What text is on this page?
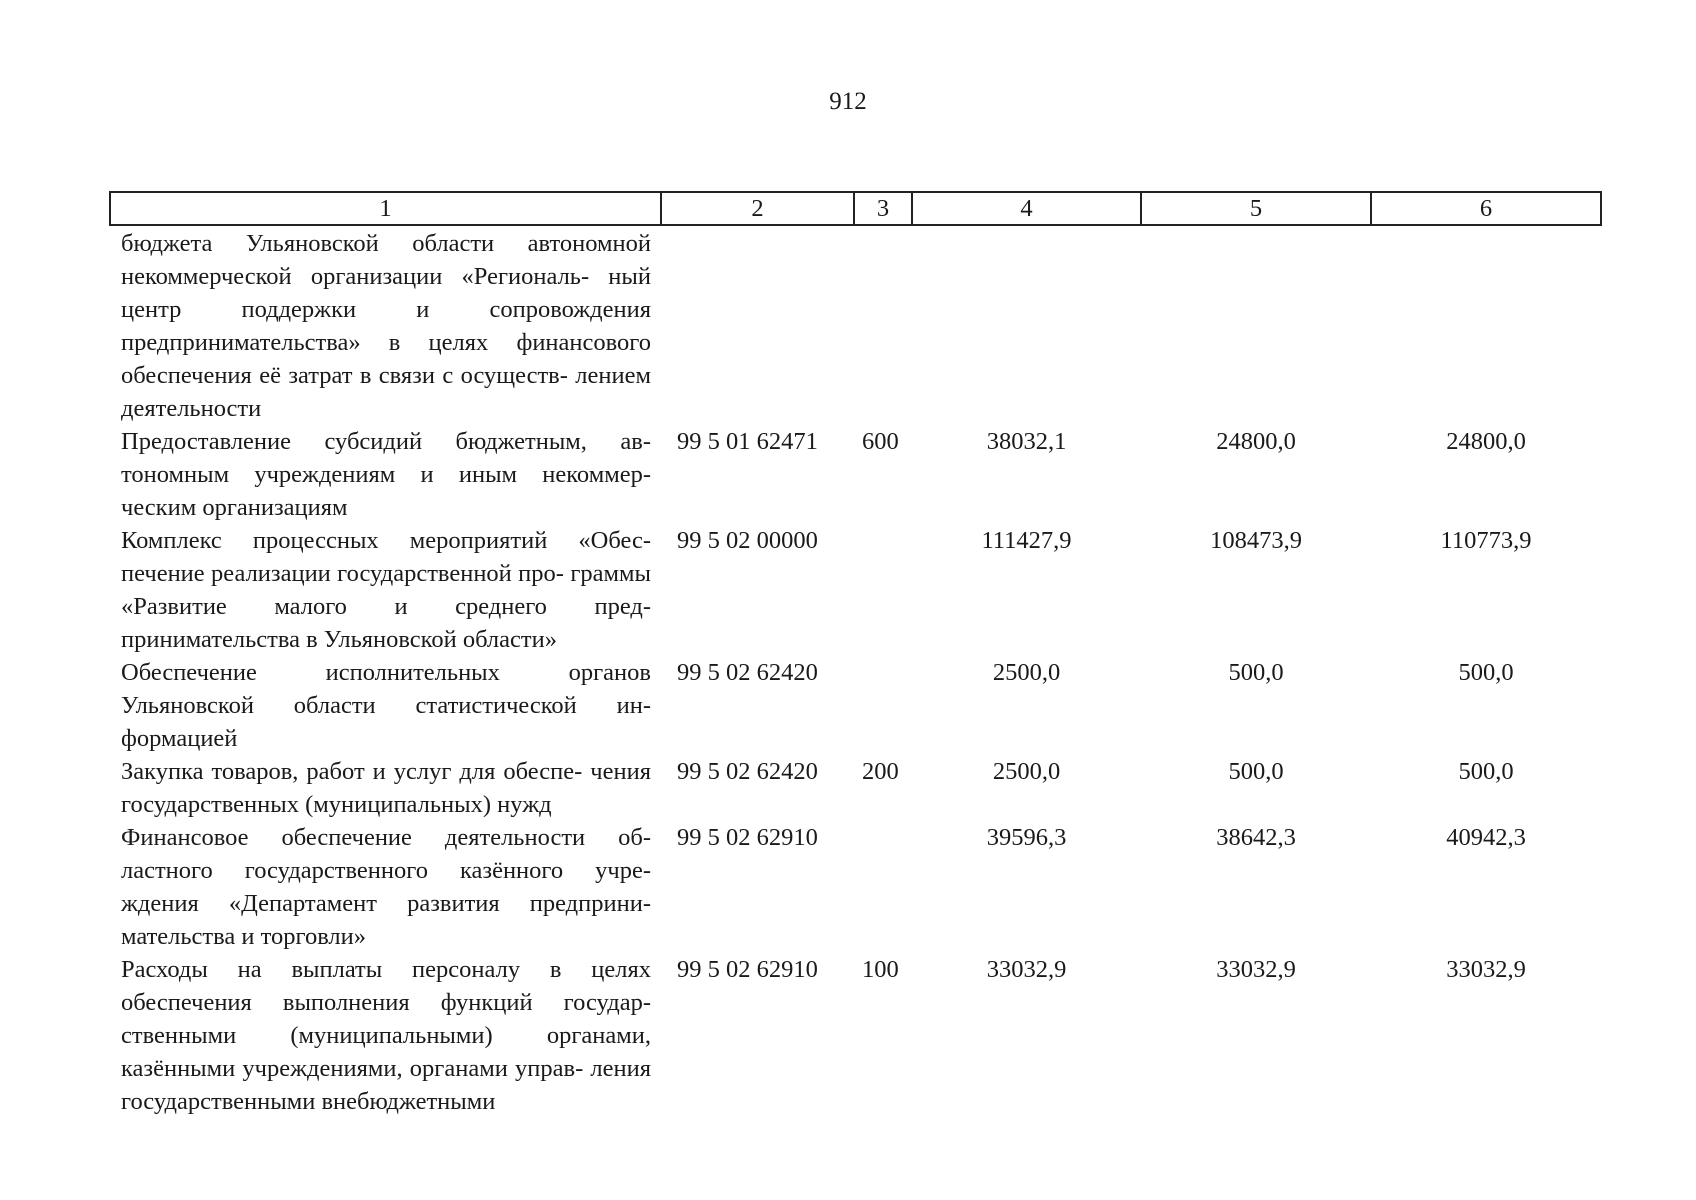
912
1	2	3	4	5	6
бюджета Ульяновской области автономной некоммерческой организации «Региональ- ный центр поддержки и сопровождения предпринимательства» в целях финансового обеспечения её затрат в связи с осуществ- лением деятельности					
Предоставление субсидий бюджетным, ав- тономным учреждениям и иным некоммер- ческим организациям	99 5 01 62471	600	38032,1	24800,0	24800,0
Комплекс процессных мероприятий «Обес- печение реализации государственной про- граммы «Развитие малого и среднего пред- принимательства в Ульяновской области»	99 5 02 00000		111427,9	108473,9	110773,9
Обеспечение исполнительных органов Ульяновской области статистической ин- формацией	99 5 02 62420		2500,0	500,0	500,0
Закупка товаров, работ и услуг для обеспе- чения государственных (муниципальных) нужд	99 5 02 62420	200	2500,0	500,0	500,0
Финансовое обеспечение деятельности об- ластного государственного казённого учре- ждения «Департамент развития предприни- мательства и торговли»	99 5 02 62910		39596,3	38642,3	40942,3
Расходы на выплаты персоналу в целях обеспечения выполнения функций государ- ственными (муниципальными) органами, казёнными учреждениями, органами управ- ления государственными внебюджетными	99 5 02 62910	100	33032,9	33032,9	33032,9
